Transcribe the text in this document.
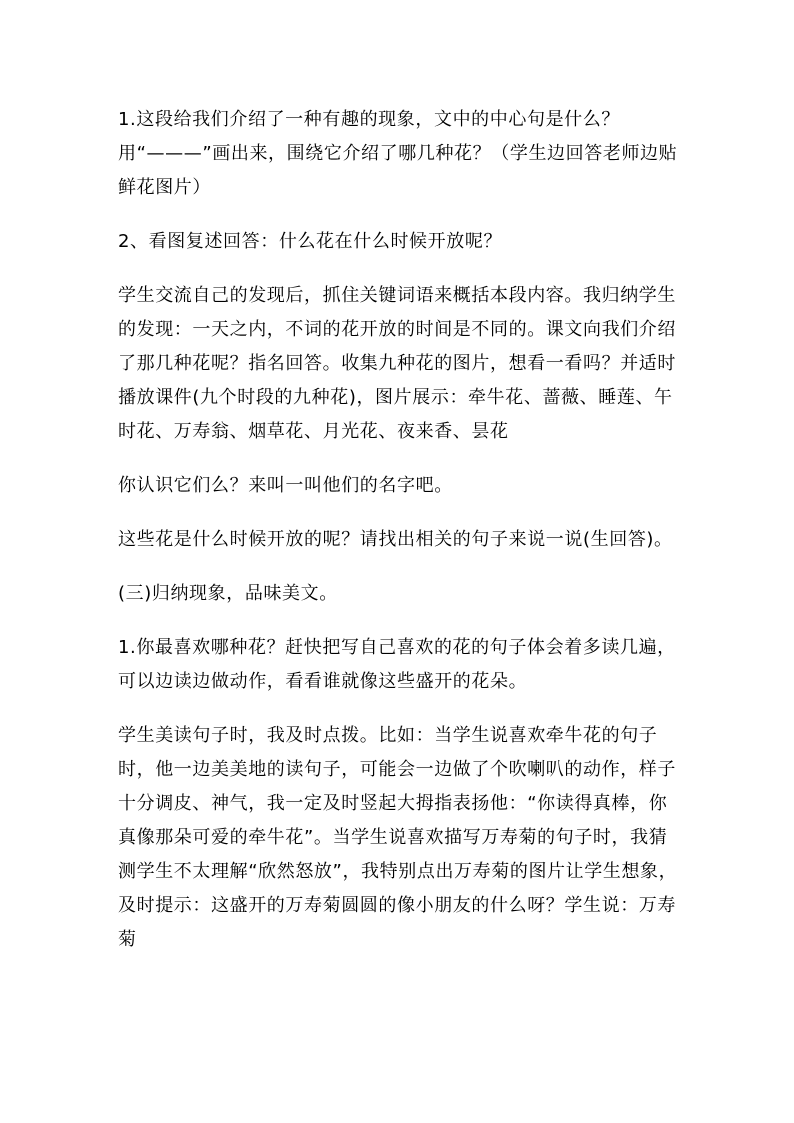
1.这段给我们介绍了一种有趣的现象，文中的中心句是什么？用“———”画出来，围绕它介绍了哪几种花？（学生边回答老师边贴鲜花图片）

2、看图复述回答：什么花在什么时候开放呢？

学生交流自己的发现后，抓住关键词语来概括本段内容。我归纳学生的发现：一天之内，不词的花开放的时间是不同的。课文向我们介绍了那几种花呢？指名回答。收集九种花的图片，想看一看吗？并适时播放课件(九个时段的九种花)，图片展示：牵牛花、蔷薇、睡莲、午时花、万寿翁、烟草花、月光花、夜来香、昙花

你认识它们么？来叫一叫他们的名字吧。

这些花是什么时候开放的呢？请找出相关的句子来说一说(生回答)。

(三)归纳现象，品味美文。

1.你最喜欢哪种花？赶快把写自己喜欢的花的句子体会着多读几遍，可以边读边做动作，看看谁就像这些盛开的花朵。

学生美读句子时，我及时点拨。比如：当学生说喜欢牵牛花的句子时，他一边美美地的读句子，可能会一边做了个吹喇叭的动作，样子十分调皮、神气，我一定及时竖起大拇指表扬他：“你读得真棒，你真像那朵可爱的牵牛花”。当学生说喜欢描写万寿菊的句子时，我猜测学生不太理解“欣然怒放”，我特别点出万寿菊的图片让学生想象，及时提示：这盛开的万寿菊圆圆的像小朋友的什么呀？学生说：万寿菊
